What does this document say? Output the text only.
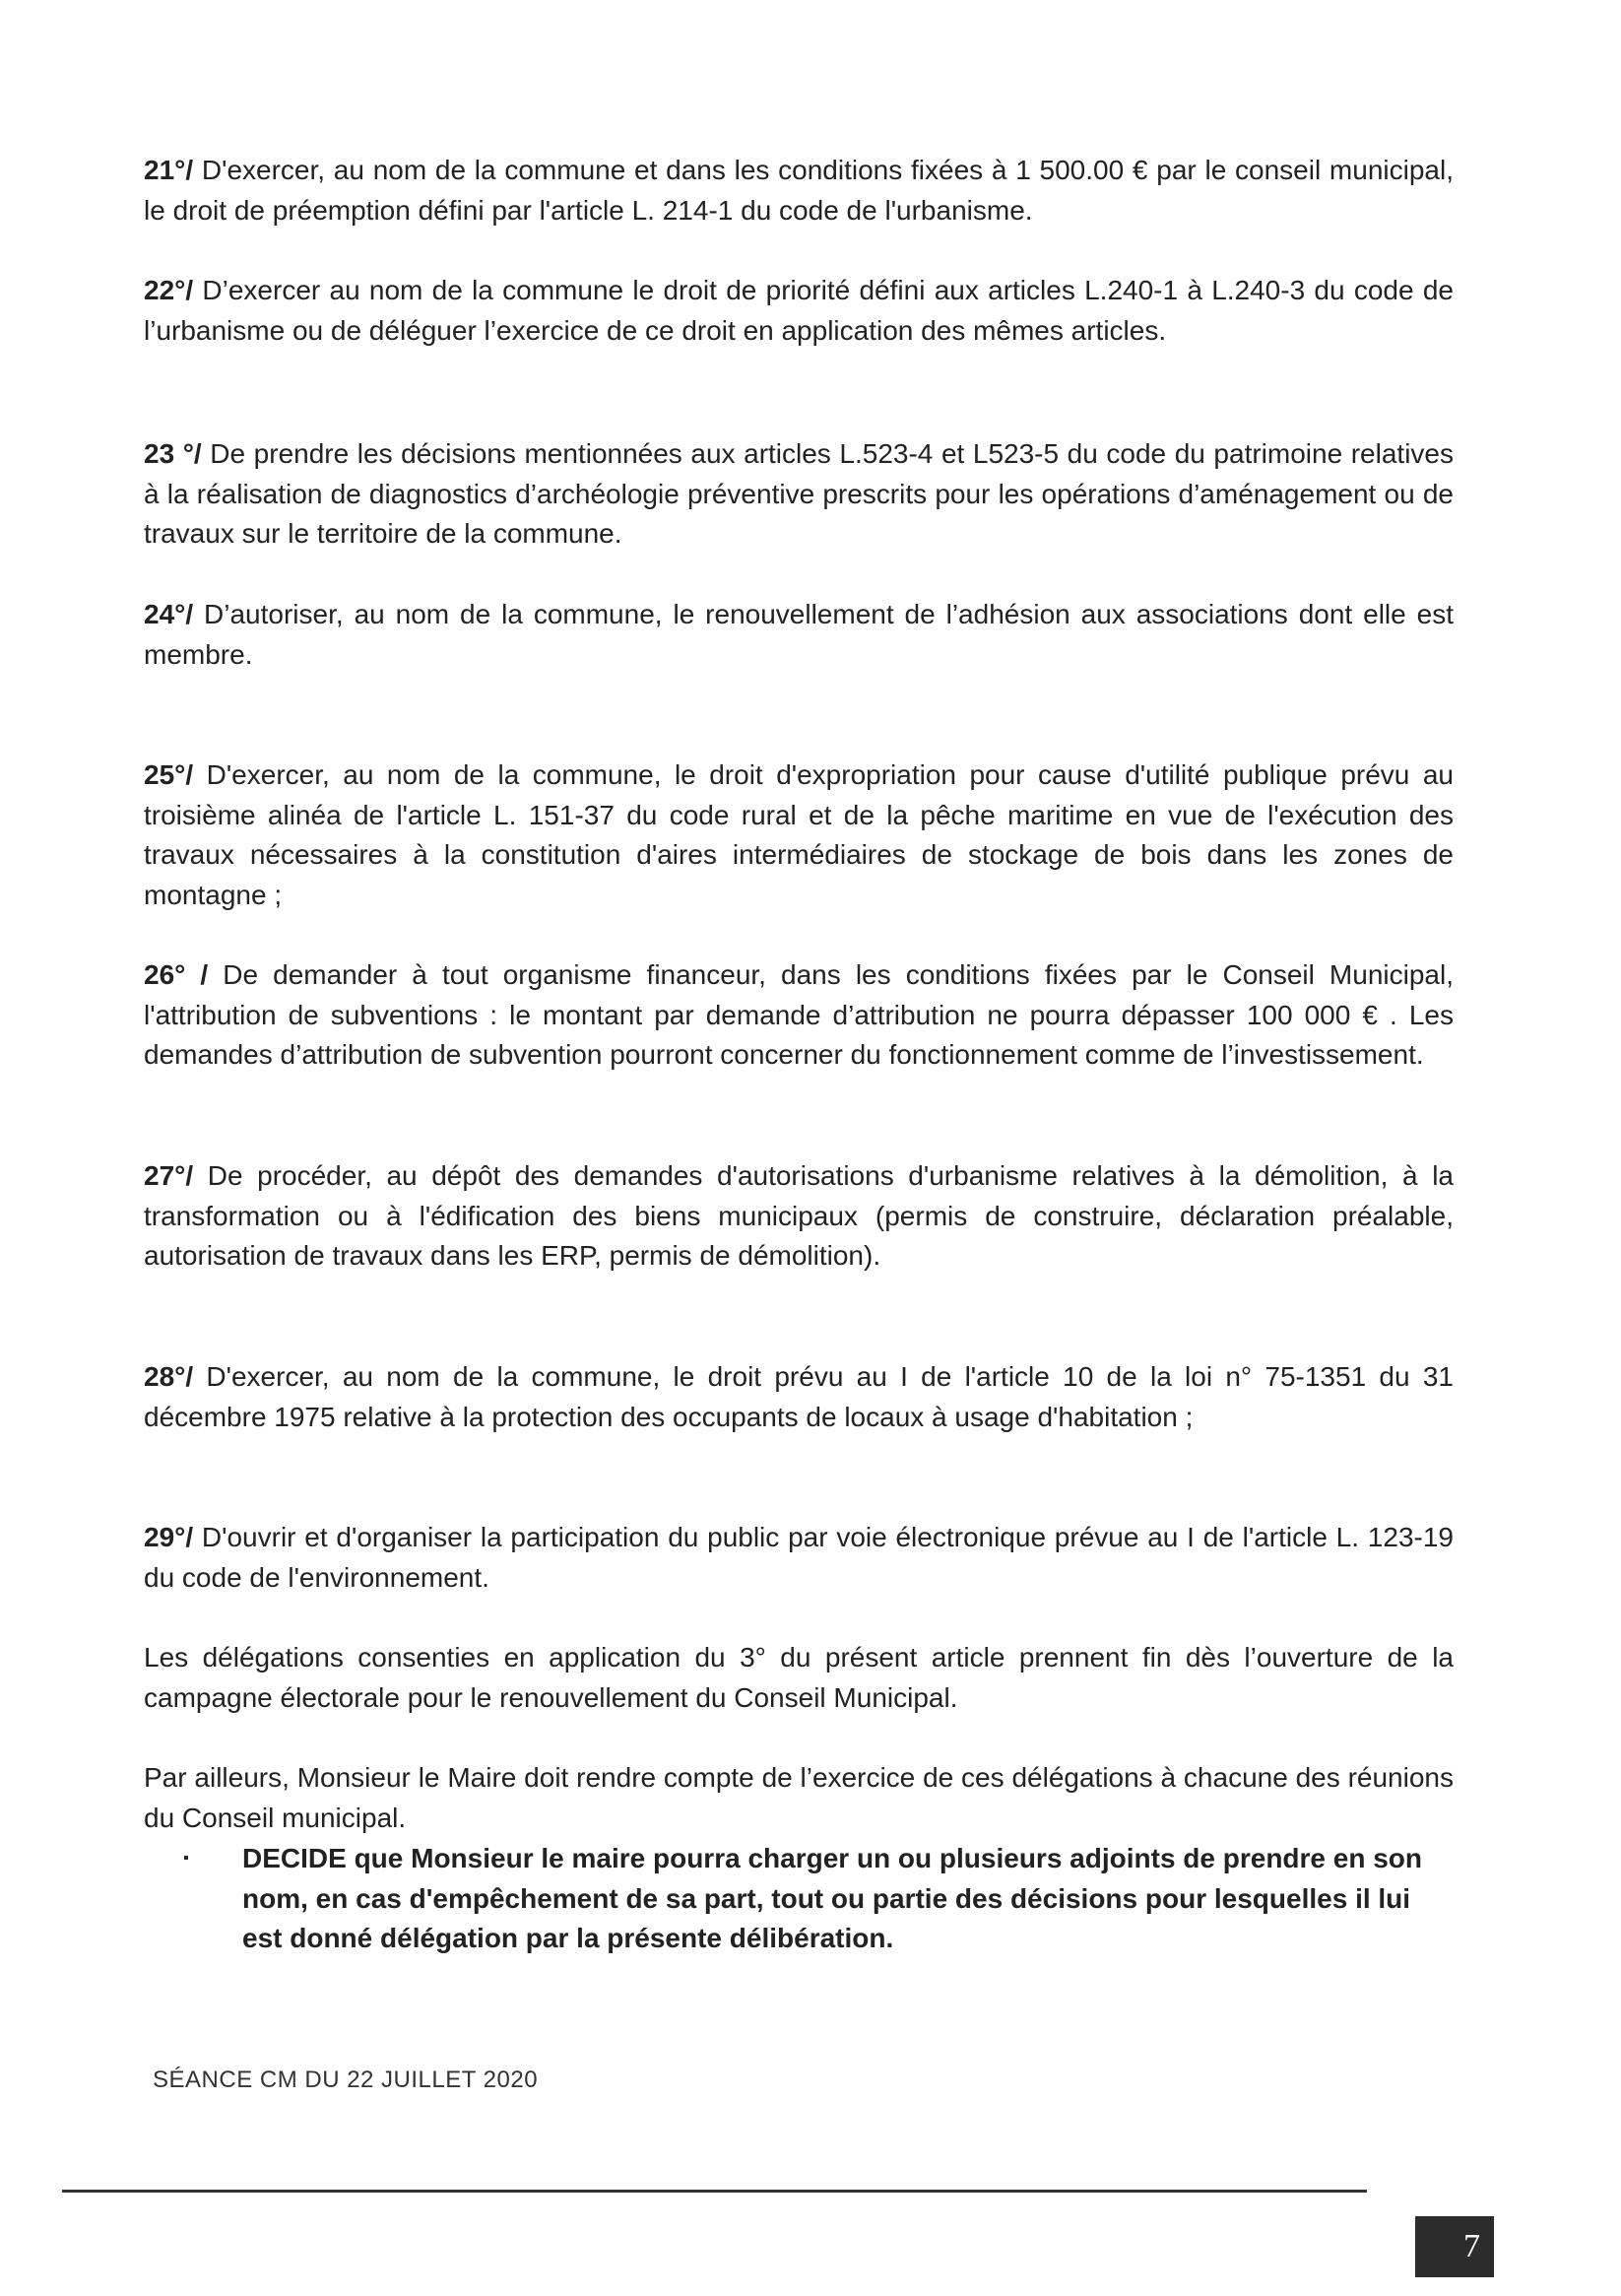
21°/ D'exercer, au nom de la commune et dans les conditions fixées à 1 500.00 € par le conseil municipal, le droit de préemption défini par l'article L. 214-1 du code de l'urbanisme.

22°/ D’exercer au nom de la commune le droit de priorité défini aux articles L.240-1 à L.240-3 du code de l’urbanisme ou de déléguer l’exercice de ce droit en application des mêmes articles.

23 °/ De prendre les décisions mentionnées aux articles L.523-4 et L523-5 du code du patrimoine relatives à la réalisation de diagnostics d’archéologie préventive prescrits pour les opérations d’aménagement ou de travaux sur le territoire de la commune.

24°/ D’autoriser, au nom de la commune, le renouvellement de l’adhésion aux associations dont elle est membre.

25°/ D'exercer, au nom de la commune, le droit d'expropriation pour cause d'utilité publique prévu au troisième alinéa de l'article L. 151-37 du code rural et de la pêche maritime en vue de l'exécution des travaux nécessaires à la constitution d'aires intermédiaires de stockage de bois dans les zones de montagne ;

26° / De demander à tout organisme financeur, dans les conditions fixées par le Conseil Municipal, l'attribution de subventions : le montant par demande d’attribution ne pourra dépasser 100 000 € . Les demandes d’attribution de subvention pourront concerner du fonctionnement comme de l’investissement.

27°/ De procéder, au dépôt des demandes d'autorisations d'urbanisme relatives à la démolition, à la transformation ou à l'édification des biens municipaux (permis de construire, déclaration préalable, autorisation de travaux dans les ERP, permis de démolition).

28°/ D'exercer, au nom de la commune, le droit prévu au I de l'article 10 de la loi n° 75-1351 du 31 décembre 1975 relative à la protection des occupants de locaux à usage d'habitation ;

29°/ D'ouvrir et d'organiser la participation du public par voie électronique prévue au I de l'article L. 123-19 du code de l'environnement.

Les délégations consenties en application du 3° du présent article prennent fin dès l’ouverture de la campagne électorale pour le renouvellement du Conseil Municipal.

Par ailleurs, Monsieur le Maire doit rendre compte de l’exercice de ces délégations à chacune des réunions du Conseil municipal.

▪	DECIDE que Monsieur le maire pourra charger un ou plusieurs adjoints de prendre en son nom, en cas d'empêchement de sa part, tout ou partie des décisions pour lesquelles il lui est donné délégation par la présente délibération.

SÉANCE CM DU 22 JUILLET 2020
7
